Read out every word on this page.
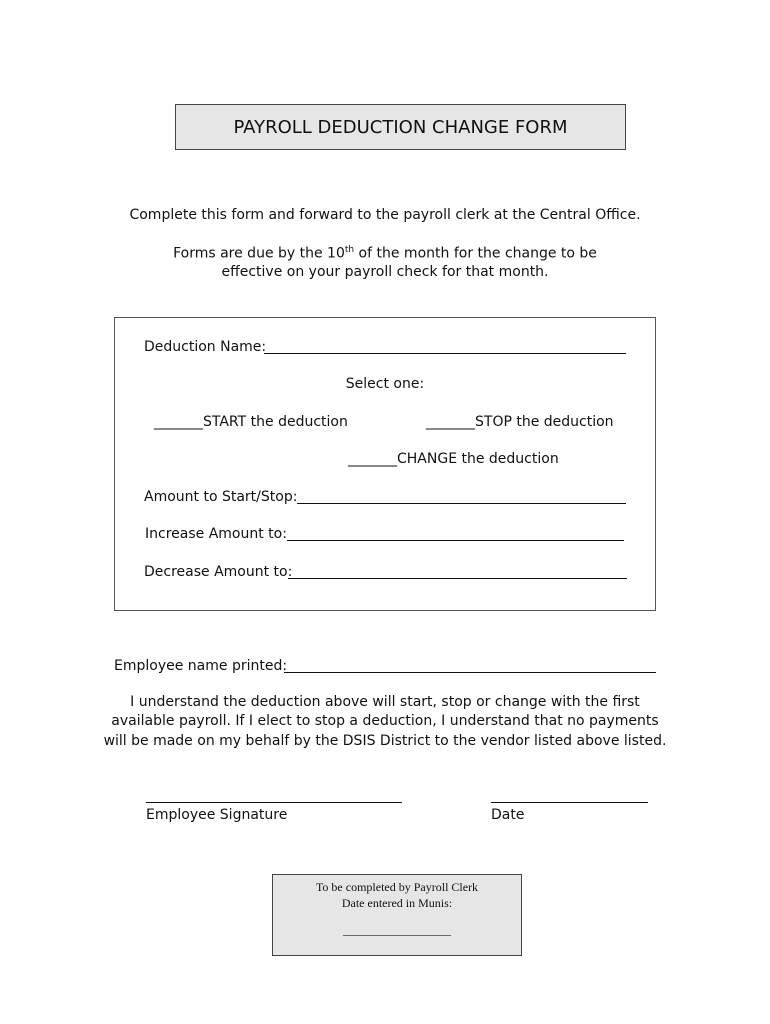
PAYROLL DEDUCTION CHANGE FORM
Complete this form and forward to the payroll clerk at the Central Office.
Forms are due by the 10th of the month for the change to be
effective on your payroll check for that month.
Deduction Name:
Select one:
_______START the deduction	_______STOP the deduction
_______CHANGE the deduction
Amount to Start/Stop:
Increase Amount to:
Decrease Amount to:
Employee name printed:
I understand the deduction above will start, stop or change with the first
available payroll. If I elect to stop a deduction, I understand that no payments
will be made on my behalf by the DSIS District to the vendor listed above listed.
Employee Signature	Date
To be completed by Payroll Clerk
Date entered in Munis:
__________________
